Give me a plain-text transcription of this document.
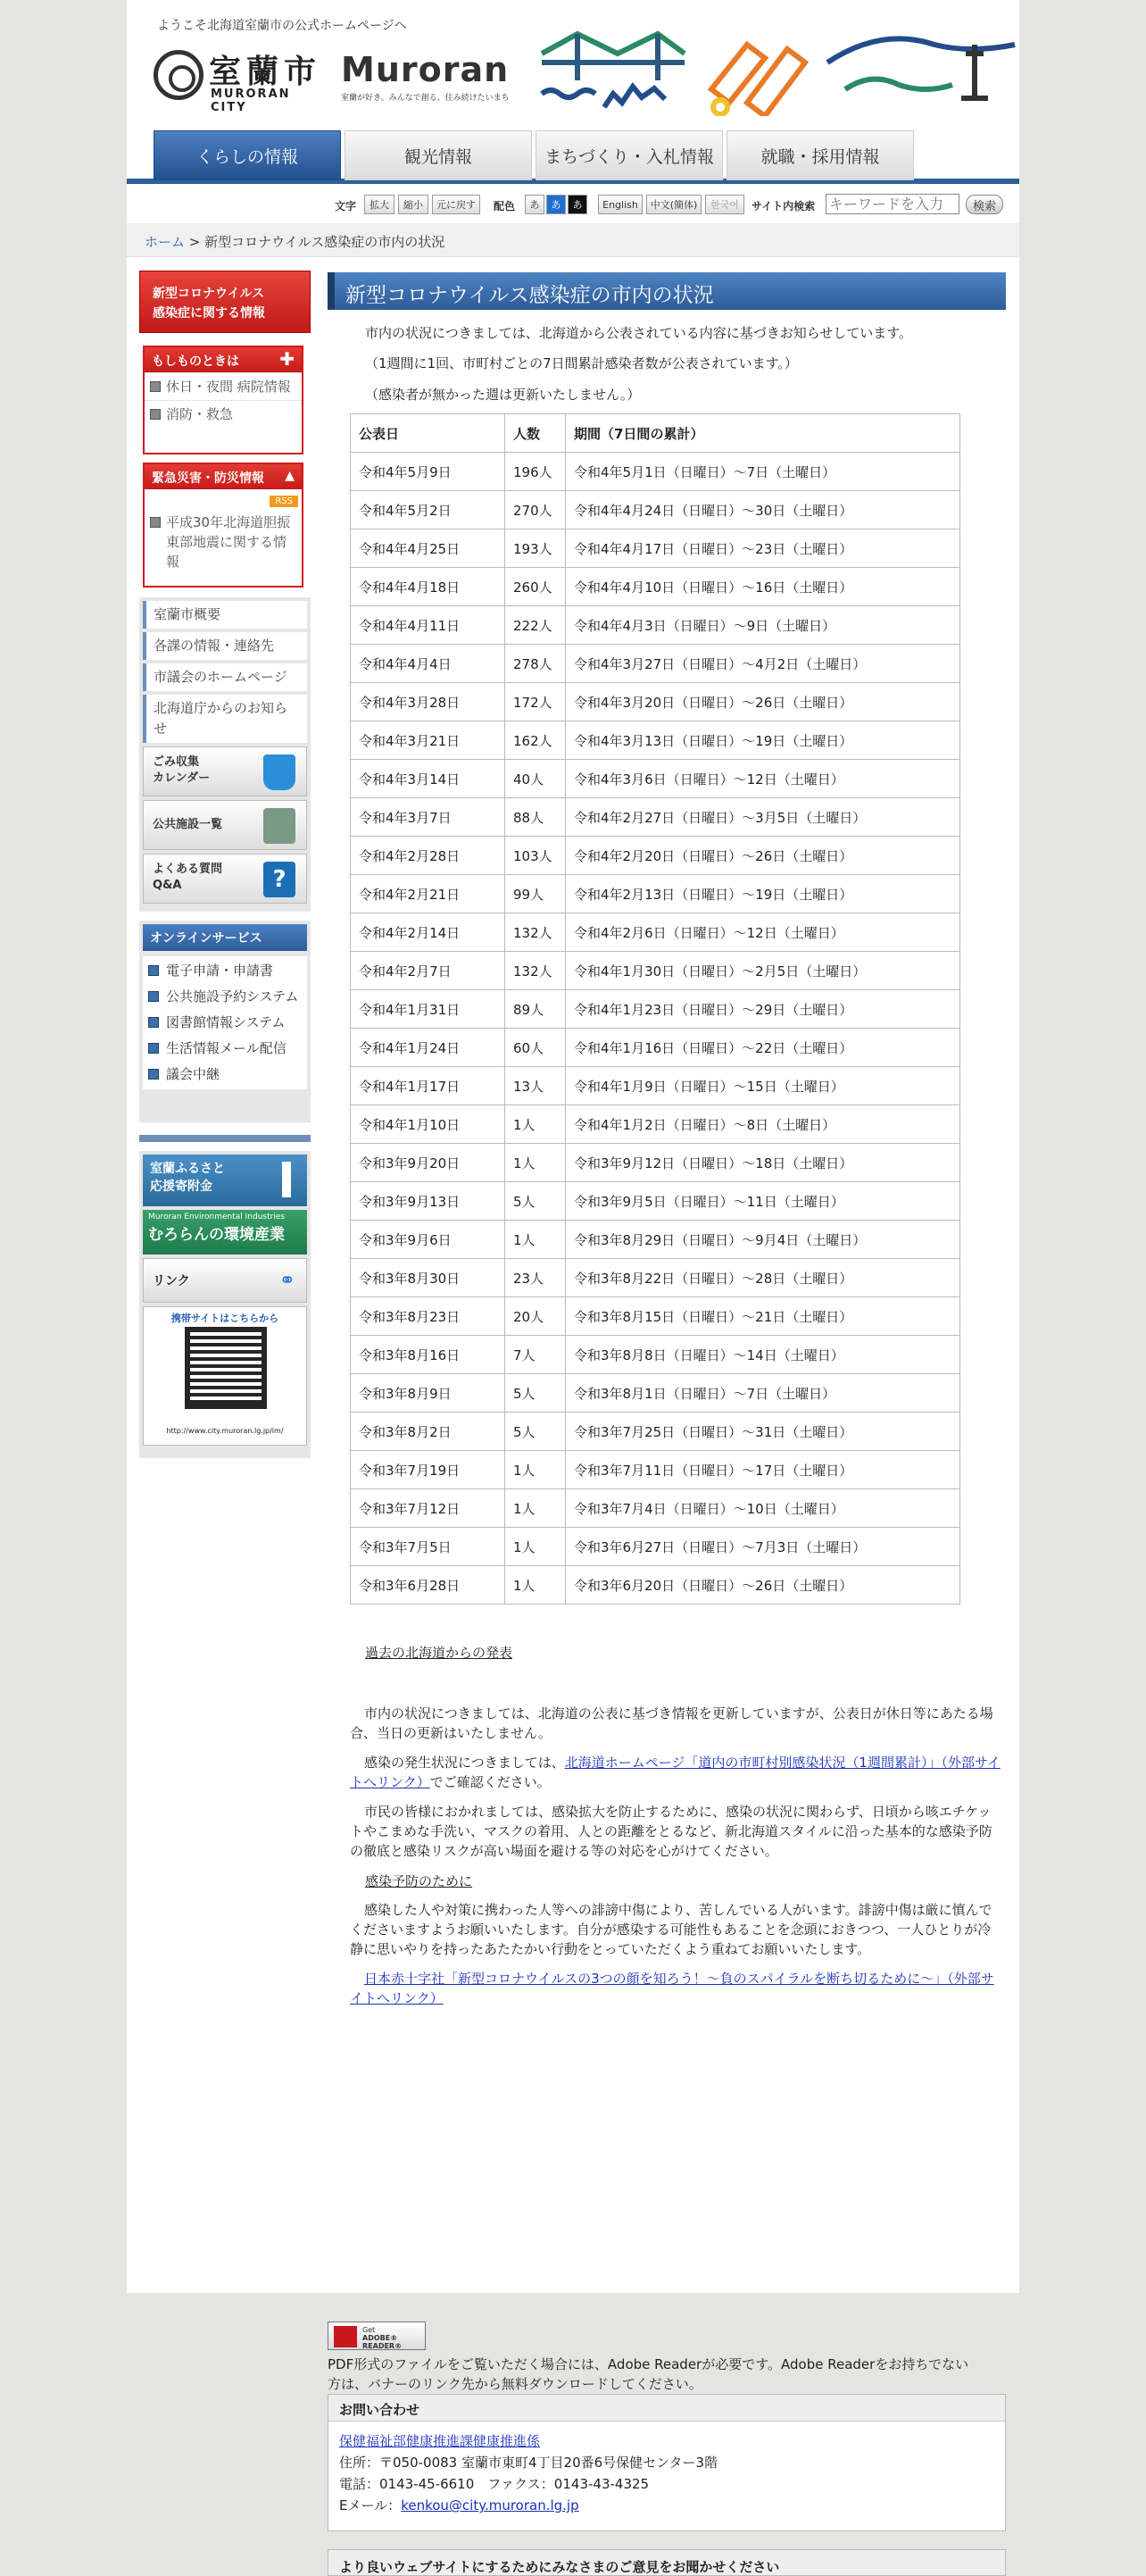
ようこそ北海道室蘭市の公式ホームページへ
室蘭市
MURORAN CITY
Muroran
室蘭が好き。みんなで創る、住み続けたいまち
くらしの情報	観光情報	まちづくり・入札情報	就職・採用情報
文字	拡大	縮小	元に戻す	配色	あ	あ	あ	English	中文(簡体)	한국어	サイト内検索
キーワードを入力	検索
ホーム > 新型コロナウイルス感染症の市内の状況
新型コロナウイルス
感染症に関する情報
もしものときは ✚
休日・夜間 病院情報
消防・救急
緊急災害・防災情報 ▲
RSS
平成30年北海道胆振東部地震に関する情報
室蘭市概要
各課の情報・連絡先
市議会のホームページ
北海道庁からのお知らせ
ごみ収集
カレンダー
公共施設一覧
よくある質問
Q&A	?
オンラインサービス
電子申請・申請書
公共施設予約システム
図書館情報システム
生活情報メール配信
議会中継
室蘭ふるさと
応援寄附金
Muroran Environmental Industries
むろらんの環境産業
リンク	⚭
携帯サイトはこちらから
http://www.city.muroran.lg.jp/im/
新型コロナウイルス感染症の市内の状況
市内の状況につきましては、北海道から公表されている内容に基づきお知らせしています。
（1週間に1回、市町村ごとの7日間累計感染者数が公表されています。）
（感染者が無かった週は更新いたしません。）
公表日	人数	期間（7日間の累計）
令和4年5月9日	196人	令和4年5月1日（日曜日）～7日（土曜日）
令和4年5月2日	270人	令和4年4月24日（日曜日）～30日（土曜日）
令和4年4月25日	193人	令和4年4月17日（日曜日）～23日（土曜日）
令和4年4月18日	260人	令和4年4月10日（日曜日）～16日（土曜日）
令和4年4月11日	222人	令和4年4月3日（日曜日）～9日（土曜日）
令和4年4月4日	278人	令和4年3月27日（日曜日）～4月2日（土曜日）
令和4年3月28日	172人	令和4年3月20日（日曜日）～26日（土曜日）
令和4年3月21日	162人	令和4年3月13日（日曜日）～19日（土曜日）
令和4年3月14日	40人	令和4年3月6日（日曜日）～12日（土曜日）
令和4年3月7日	88人	令和4年2月27日（日曜日）～3月5日（土曜日）
令和4年2月28日	103人	令和4年2月20日（日曜日）～26日（土曜日）
令和4年2月21日	99人	令和4年2月13日（日曜日）～19日（土曜日）
令和4年2月14日	132人	令和4年2月6日（日曜日）～12日（土曜日）
令和4年2月7日	132人	令和4年1月30日（日曜日）～2月5日（土曜日）
令和4年1月31日	89人	令和4年1月23日（日曜日）～29日（土曜日）
令和4年1月24日	60人	令和4年1月16日（日曜日）～22日（土曜日）
令和4年1月17日	13人	令和4年1月9日（日曜日）～15日（土曜日）
令和4年1月10日	1人	令和4年1月2日（日曜日）～8日（土曜日）
令和3年9月20日	1人	令和3年9月12日（日曜日）～18日（土曜日）
令和3年9月13日	5人	令和3年9月5日（日曜日）～11日（土曜日）
令和3年9月6日	1人	令和3年8月29日（日曜日）～9月4日（土曜日）
令和3年8月30日	23人	令和3年8月22日（日曜日）～28日（土曜日）
令和3年8月23日	20人	令和3年8月15日（日曜日）～21日（土曜日）
令和3年8月16日	7人	令和3年8月8日（日曜日）～14日（土曜日）
令和3年8月9日	5人	令和3年8月1日（日曜日）～7日（土曜日）
令和3年8月2日	5人	令和3年7月25日（日曜日）～31日（土曜日）
令和3年7月19日	1人	令和3年7月11日（日曜日）～17日（土曜日）
令和3年7月12日	1人	令和3年7月4日（日曜日）～10日（土曜日）
令和3年7月5日	1人	令和3年6月27日（日曜日）～7月3日（土曜日）
令和3年6月28日	1人	令和3年6月20日（日曜日）～26日（土曜日）
過去の北海道からの発表
市内の状況につきましては、北海道の公表に基づき情報を更新していますが、公表日が休日等にあたる場合、当日の更新はいたしません。
感染の発生状況につきましては、北海道ホームページ「道内の市町村別感染状況（1週間累計）」（外部サイトへリンク）でご確認ください。
市民の皆様におかれましては、感染拡大を防止するために、感染の状況に関わらず、日頃から咳エチケットやこまめな手洗い、マスクの着用、人との距離をとるなど、新北海道スタイルに沿った基本的な感染予防の徹底と感染リスクが高い場面を避ける等の対応を心がけてください。
感染予防のために
感染した人や対策に携わった人等への誹謗中傷により、苦しんでいる人がいます。誹謗中傷は厳に慎んでくださいますようお願いいたします。自分が感染する可能性もあることを念頭におきつつ、一人ひとりが冷静に思いやりを持ったあたたかい行動をとっていただくよう重ねてお願いいたします。
日本赤十字社「新型コロナウイルスの3つの顔を知ろう！～負のスパイラルを断ち切るために～」（外部サイトへリンク）
Get
ADOBE® READER®
PDF形式のファイルをご覧いただく場合には、Adobe Readerが必要です。Adobe Readerをお持ちでない方は、バナーのリンク先から無料ダウンロードしてください。
お問い合わせ
保健福祉部健康推進課健康推進係
住所：〒050-0083 室蘭市東町4丁目20番6号保健センター3階
電話：0143-45-6610　ファクス：0143-43-4325
Eメール：kenkou@city.muroran.lg.jp
より良いウェブサイトにするためにみなさまのご意見をお聞かせください
